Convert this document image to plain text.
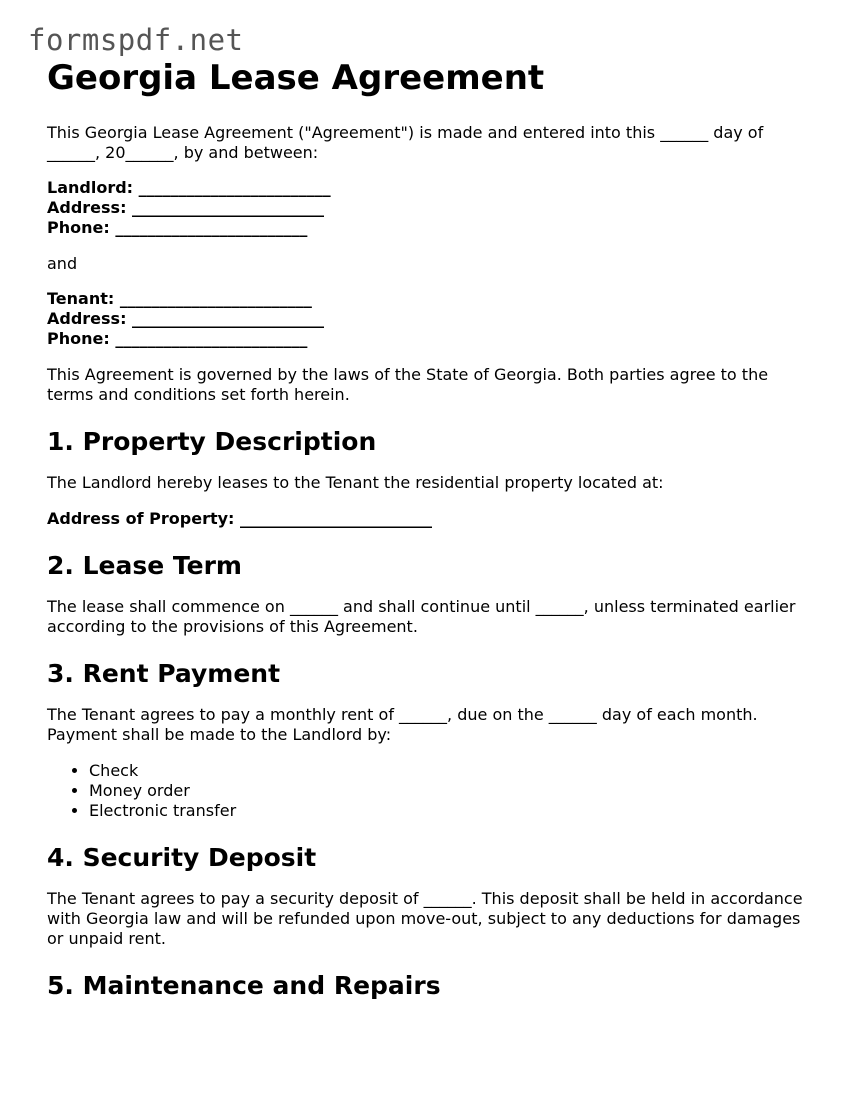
formspdf.net
Georgia Lease Agreement

This Georgia Lease Agreement ("Agreement") is made and entered into this ______ day of ______, 20______, by and between:

Landlord: ________________________
Address: ________________________
Phone: ________________________

and

Tenant: ________________________
Address: ________________________
Phone: ________________________

This Agreement is governed by the laws of the State of Georgia. Both parties agree to the terms and conditions set forth herein.

1. Property Description

The Landlord hereby leases to the Tenant the residential property located at:

Address of Property: ________________________

2. Lease Term

The lease shall commence on ______ and shall continue until ______, unless terminated earlier according to the provisions of this Agreement.

3. Rent Payment

The Tenant agrees to pay a monthly rent of ______, due on the ______ day of each month. Payment shall be made to the Landlord by:

• Check
• Money order
• Electronic transfer
4. Security Deposit

The Tenant agrees to pay a security deposit of ______. This deposit shall be held in accordance with Georgia law and will be refunded upon move-out, subject to any deductions for damages or unpaid rent.

5. Maintenance and Repairs
